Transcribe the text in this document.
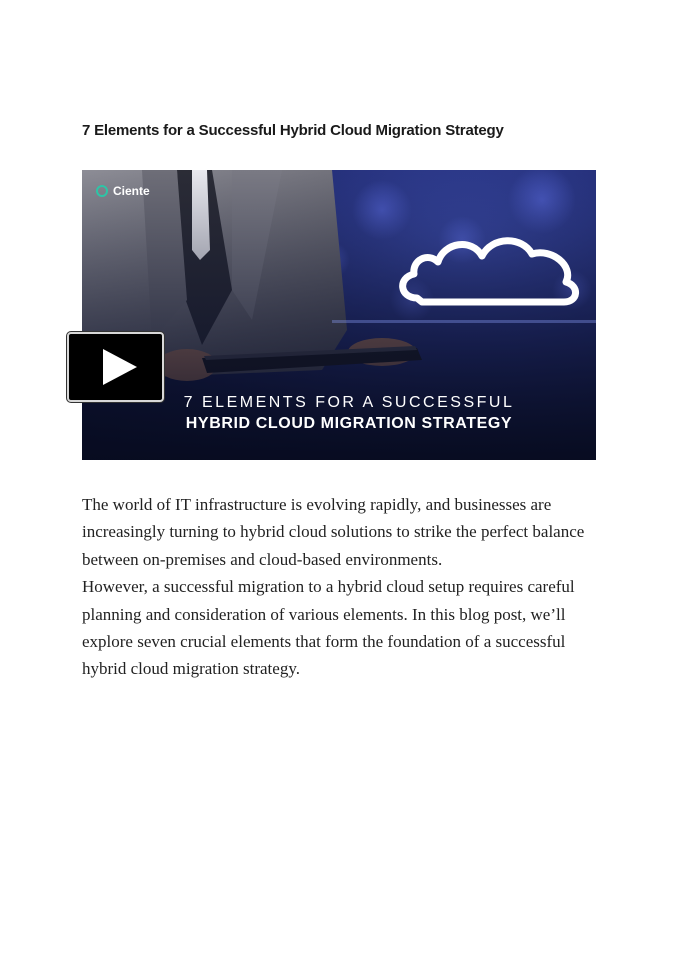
7 Elements for a Successful Hybrid Cloud Migration Strategy
Ciente
7 ELEMENTS FOR A SUCCESSFUL
HYBRID CLOUD MIGRATION STRATEGY

The world of IT infrastructure is evolving rapidly, and businesses are increasingly turning to hybrid cloud solutions to strike the perfect balance between on-premises and cloud-based environments.

However, a successful migration to a hybrid cloud setup requires careful planning and consideration of various elements. In this blog post, we’ll explore seven crucial elements that form the foundation of a successful hybrid cloud migration strategy.
